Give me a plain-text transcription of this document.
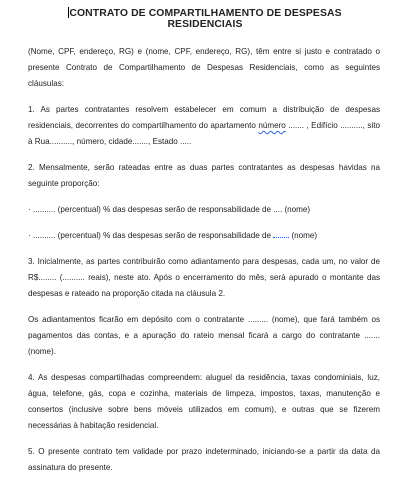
CONTRATO DE COMPARTILHAMENTO DE DESPESAS RESIDENCIAIS

(Nome, CPF, endereço, RG) e (nome, CPF, endereço, RG), têm entre si justo e contratado o presente Contrato de Compartilhamento de Despesas Residenciais, como as seguintes cláusulas:

1. As partes contratantes resolvem estabelecer em comum a distribuição de despesas residenciais, decorrentes do compartilhamento do apartamento número ....... , Edifício .........., sito à Rua.........., número, cidade......., Estado .....

2. Mensalmente, serão rateadas entre as duas partes contratantes as despesas havidas na seguinte proporção:

· .......... (percentual) % das despesas serão de responsabilidade de .... (nome)

· .......... (percentual) % das despesas serão de responsabilidade de  (nome)

3. Inicialmente, as partes contribuirão como adiantamento para despesas, cada um, no valor de R$........ (.......... reais), neste ato. Após o encerramento do mês, será apurado o montante das despesas e rateado na proporção citada na cláusula 2.

Os adiantamentos ficarão em depósito com o contratante ......... (nome), que fará também os pagamentos das contas, e a apuração do rateio mensal ficará a cargo do contratante ....... (nome).

4. As despesas compartilhadas compreendem: aluguel da residência, taxas condominiais, luz, água, telefone, gás, copa e cozinha, materiais de limpeza, impostos, taxas, manutenção e consertos (inclusive sobre bens móveis utilizados em comum), e outras que se fizerem necessárias à habitação residencial.

5. O presente contrato tem validade por prazo indeterminado, iniciando-se a partir da data da assinatura do presente.
